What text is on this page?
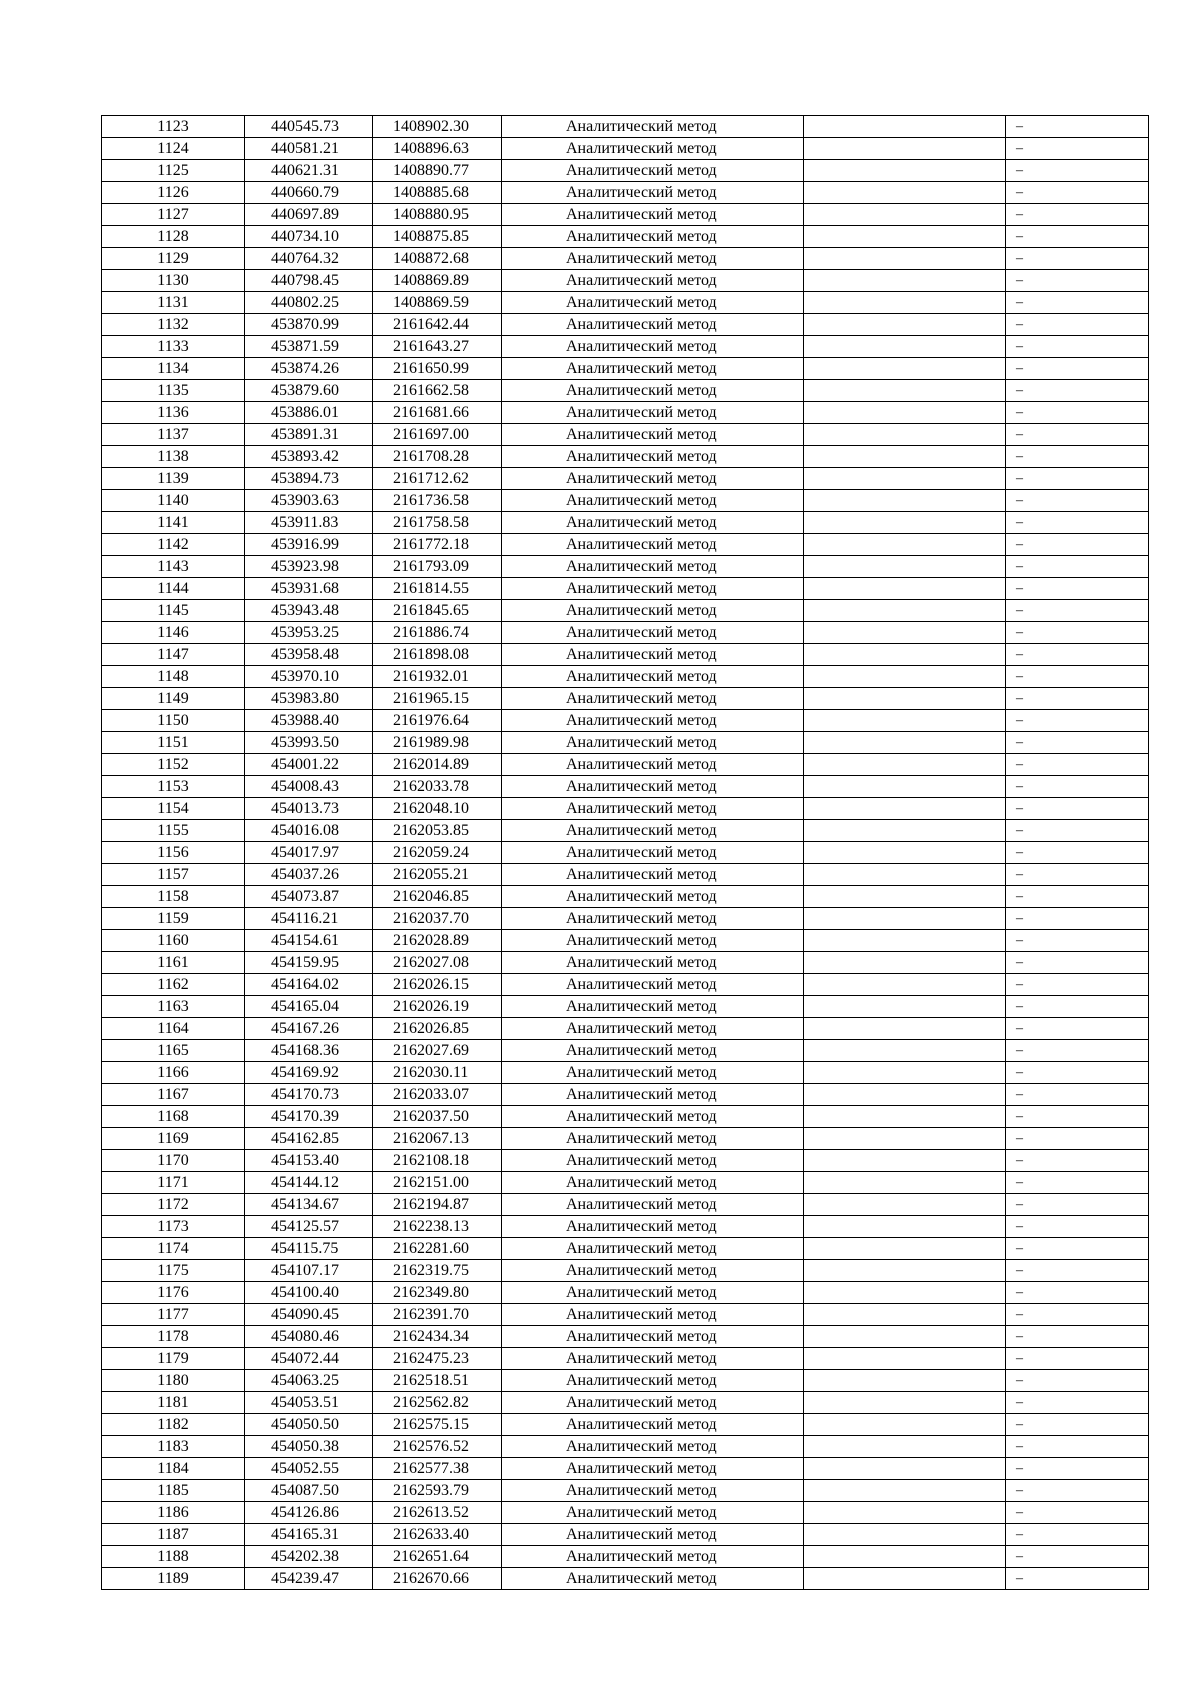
1123	440545.73	1408902.30	Аналитический метод		–
1124	440581.21	1408896.63	Аналитический метод		–
1125	440621.31	1408890.77	Аналитический метод		–
1126	440660.79	1408885.68	Аналитический метод		–
1127	440697.89	1408880.95	Аналитический метод		–
1128	440734.10	1408875.85	Аналитический метод		–
1129	440764.32	1408872.68	Аналитический метод		–
1130	440798.45	1408869.89	Аналитический метод		–
1131	440802.25	1408869.59	Аналитический метод		–
1132	453870.99	2161642.44	Аналитический метод		–
1133	453871.59	2161643.27	Аналитический метод		–
1134	453874.26	2161650.99	Аналитический метод		–
1135	453879.60	2161662.58	Аналитический метод		–
1136	453886.01	2161681.66	Аналитический метод		–
1137	453891.31	2161697.00	Аналитический метод		–
1138	453893.42	2161708.28	Аналитический метод		–
1139	453894.73	2161712.62	Аналитический метод		–
1140	453903.63	2161736.58	Аналитический метод		–
1141	453911.83	2161758.58	Аналитический метод		–
1142	453916.99	2161772.18	Аналитический метод		–
1143	453923.98	2161793.09	Аналитический метод		–
1144	453931.68	2161814.55	Аналитический метод		–
1145	453943.48	2161845.65	Аналитический метод		–
1146	453953.25	2161886.74	Аналитический метод		–
1147	453958.48	2161898.08	Аналитический метод		–
1148	453970.10	2161932.01	Аналитический метод		–
1149	453983.80	2161965.15	Аналитический метод		–
1150	453988.40	2161976.64	Аналитический метод		–
1151	453993.50	2161989.98	Аналитический метод		–
1152	454001.22	2162014.89	Аналитический метод		–
1153	454008.43	2162033.78	Аналитический метод		–
1154	454013.73	2162048.10	Аналитический метод		–
1155	454016.08	2162053.85	Аналитический метод		–
1156	454017.97	2162059.24	Аналитический метод		–
1157	454037.26	2162055.21	Аналитический метод		–
1158	454073.87	2162046.85	Аналитический метод		–
1159	454116.21	2162037.70	Аналитический метод		–
1160	454154.61	2162028.89	Аналитический метод		–
1161	454159.95	2162027.08	Аналитический метод		–
1162	454164.02	2162026.15	Аналитический метод		–
1163	454165.04	2162026.19	Аналитический метод		–
1164	454167.26	2162026.85	Аналитический метод		–
1165	454168.36	2162027.69	Аналитический метод		–
1166	454169.92	2162030.11	Аналитический метод		–
1167	454170.73	2162033.07	Аналитический метод		–
1168	454170.39	2162037.50	Аналитический метод		–
1169	454162.85	2162067.13	Аналитический метод		–
1170	454153.40	2162108.18	Аналитический метод		–
1171	454144.12	2162151.00	Аналитический метод		–
1172	454134.67	2162194.87	Аналитический метод		–
1173	454125.57	2162238.13	Аналитический метод		–
1174	454115.75	2162281.60	Аналитический метод		–
1175	454107.17	2162319.75	Аналитический метод		–
1176	454100.40	2162349.80	Аналитический метод		–
1177	454090.45	2162391.70	Аналитический метод		–
1178	454080.46	2162434.34	Аналитический метод		–
1179	454072.44	2162475.23	Аналитический метод		–
1180	454063.25	2162518.51	Аналитический метод		–
1181	454053.51	2162562.82	Аналитический метод		–
1182	454050.50	2162575.15	Аналитический метод		–
1183	454050.38	2162576.52	Аналитический метод		–
1184	454052.55	2162577.38	Аналитический метод		–
1185	454087.50	2162593.79	Аналитический метод		–
1186	454126.86	2162613.52	Аналитический метод		–
1187	454165.31	2162633.40	Аналитический метод		–
1188	454202.38	2162651.64	Аналитический метод		–
1189	454239.47	2162670.66	Аналитический метод		–
